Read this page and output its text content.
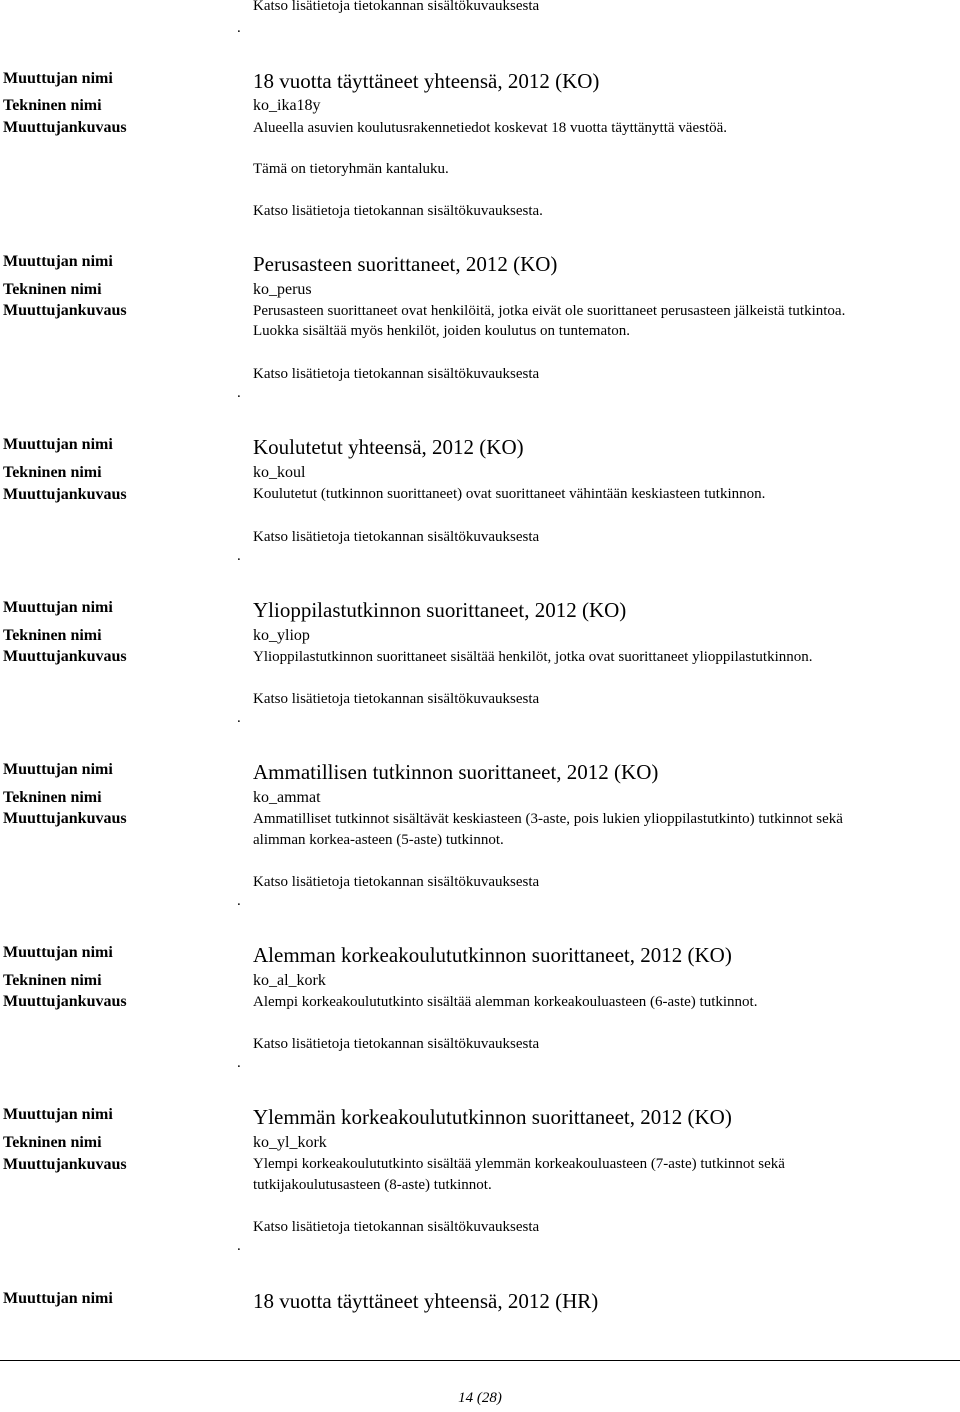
Katso lisätietoja tietokannan sisältökuvauksesta
.
Muuttujan nimi
Tekninen nimi
Muuttujankuvaus
18 vuotta täyttäneet yhteensä, 2012 (KO)
ko_ika18y
Alueella asuvien koulutusrakennetiedot koskevat 18 vuotta täyttänyttä väestöä.
Tämä on tietoryhmän kantaluku.
Katso lisätietoja tietokannan sisältökuvauksesta.
Muuttujan nimi
Tekninen nimi
Muuttujankuvaus
Perusasteen suorittaneet, 2012 (KO)
ko_perus
Perusasteen suorittaneet ovat henkilöitä, jotka eivät ole suorittaneet perusasteen jälkeistä tutkintoa.
Luokka sisältää myös henkilöt, joiden koulutus on tuntematon.
Katso lisätietoja tietokannan sisältökuvauksesta
.
Muuttujan nimi
Tekninen nimi
Muuttujankuvaus
Koulutetut yhteensä, 2012 (KO)
ko_koul
Koulutetut (tutkinnon suorittaneet) ovat suorittaneet vähintään keskiasteen tutkinnon.
Katso lisätietoja tietokannan sisältökuvauksesta
.
Muuttujan nimi
Tekninen nimi
Muuttujankuvaus
Ylioppilastutkinnon suorittaneet, 2012 (KO)
ko_yliop
Ylioppilastutkinnon suorittaneet sisältää henkilöt, jotka ovat suorittaneet ylioppilastutkinnon.
Katso lisätietoja tietokannan sisältökuvauksesta
.
Muuttujan nimi
Tekninen nimi
Muuttujankuvaus
Ammatillisen tutkinnon suorittaneet, 2012 (KO)
ko_ammat
Ammatilliset tutkinnot sisältävät keskiasteen (3-aste, pois lukien ylioppilastutkinto) tutkinnot sekä
alimman korkea-asteen (5-aste) tutkinnot.
Katso lisätietoja tietokannan sisältökuvauksesta
.
Muuttujan nimi
Tekninen nimi
Muuttujankuvaus
Alemman korkeakoulututkinnon suorittaneet, 2012 (KO)
ko_al_kork
Alempi korkeakoulututkinto sisältää alemman korkeakouluasteen (6-aste) tutkinnot.
Katso lisätietoja tietokannan sisältökuvauksesta
.
Muuttujan nimi
Tekninen nimi
Muuttujankuvaus
Ylemmän korkeakoulututkinnon suorittaneet, 2012 (KO)
ko_yl_kork
Ylempi korkeakoulututkinto sisältää ylemmän korkeakouluasteen (7-aste) tutkinnot sekä
tutkijakoulutusasteen (8-aste) tutkinnot.
Katso lisätietoja tietokannan sisältökuvauksesta
.
Muuttujan nimi	18 vuotta täyttäneet yhteensä, 2012 (HR)
14 (28)
